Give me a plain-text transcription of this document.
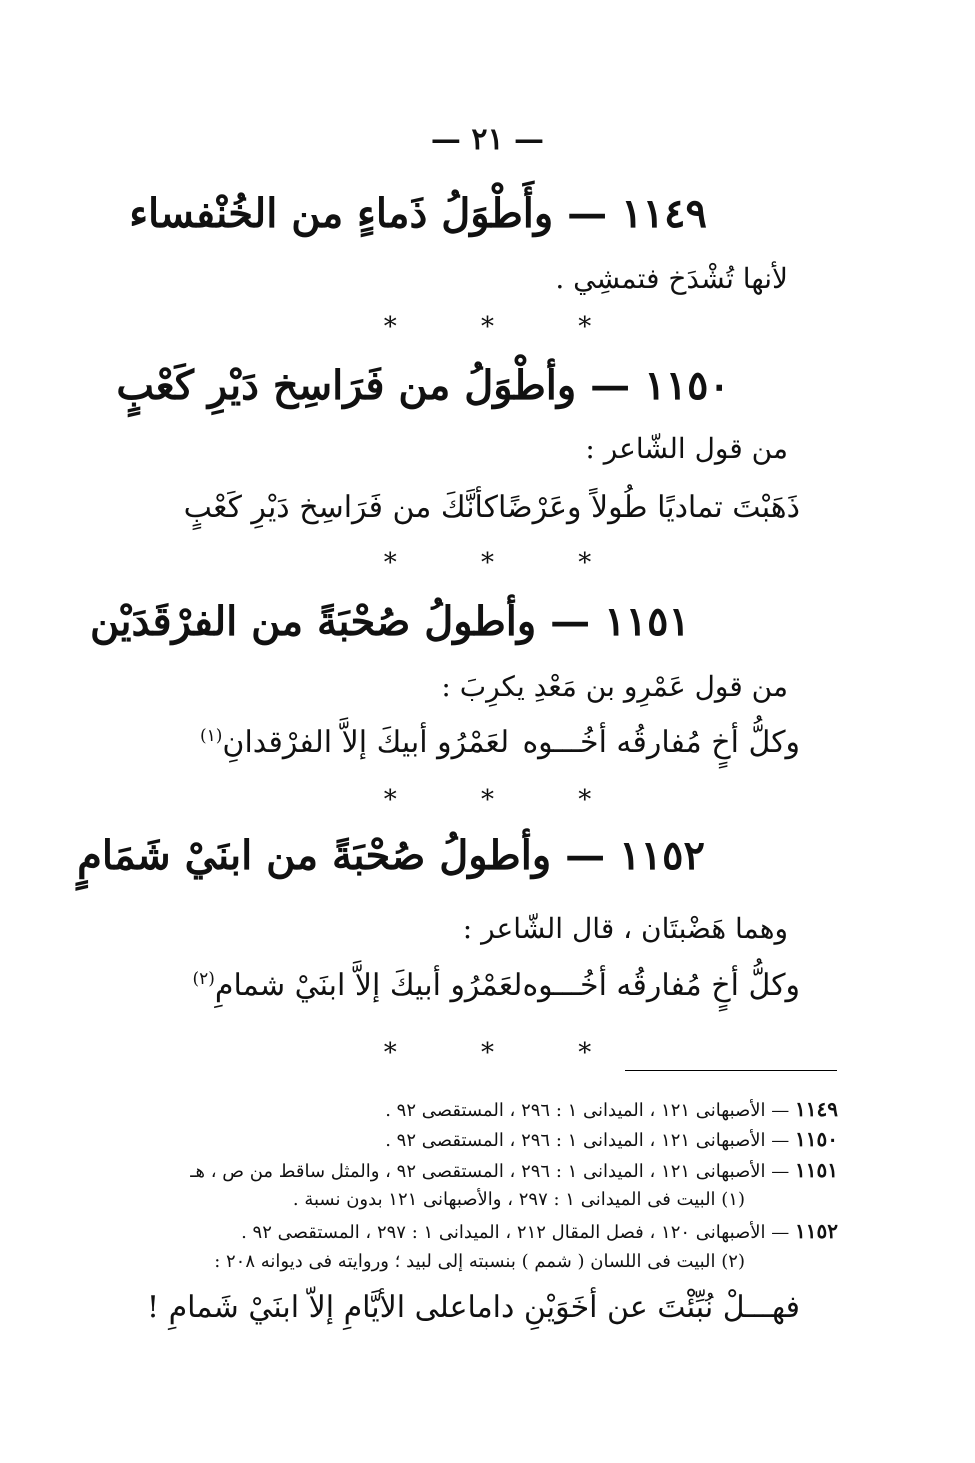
— ٢١ —
١١٤٩ — وأَطْوَلُ ذَماءٍ من الخُنْفساء
لأنها تُشْدَخ فتمشِي .
* * *
١١٥٠ — وأطْوَلُ من فَرَاسِخ دَيْرِ كَعْبٍ
من قول الشّاعر :
ذَهَبْتَ تماديًا طُولاً وعَرْضًا
كأنَّكَ من فَرَاسِخ دَيْرِ كَعْبٍ
* * *
١١٥١ — وأطولُ صُحْبَةً من الفرْقَدَيْن
من قول عَمْرِو بن مَعْدِ يكرِبَ :
وكلُّ أخٍ مُفارقُه أخُـــوه
لعَمْرُو أبيكَ إلاَّ الفرْقدانِ$^{(١)}$
* * *
١١٥٢ — وأطولُ صُحْبَةً من ابنَيْ شَمَامٍ
وهما هَضْبتَان ، قال الشّاعر :
وكلُّ أخٍ مُفارقُه أخُـــوه
لعَمْرُو أبيكَ إلاَّ ابنَيْ شمامِ$^{(٢)}$
* * *
١١٤٩ — الأصبهانى ١٢١ ، الميدانى ١ : ٢٩٦ ، المستقصى ٩٢ .
١١٥٠ — الأصبهانى ١٢١ ، الميدانى ١ : ٢٩٦ ، المستقصى ٩٢ .
١١٥١ — الأصبهانى ١٢١ ، الميدانى ١ : ٢٩٦ ، المستقصى ٩٢ ، والمثل ساقط من ص ، هـ
(١) البيت فى الميدانى ١ : ٢٩٧ ، والأصبهانى ١٢١ بدون نسبة .
١١٥٢ — الأصبهانى ١٢٠ ، فصل المقال ٢١٢ ، الميدانى ١ : ٢٩٧ ، المستقصى ٩٢ .
(٢) البيت فى اللسان ( شمم ) بنسبته إلى لبيد ؛ وروايته فى ديوانه ٢٠٨ :
فهـــلْ نُبِّئْتَ عن أخَوَيْنِ داما
على الأيَّامِ إلاّ ابنَيْ شَمامِ !
